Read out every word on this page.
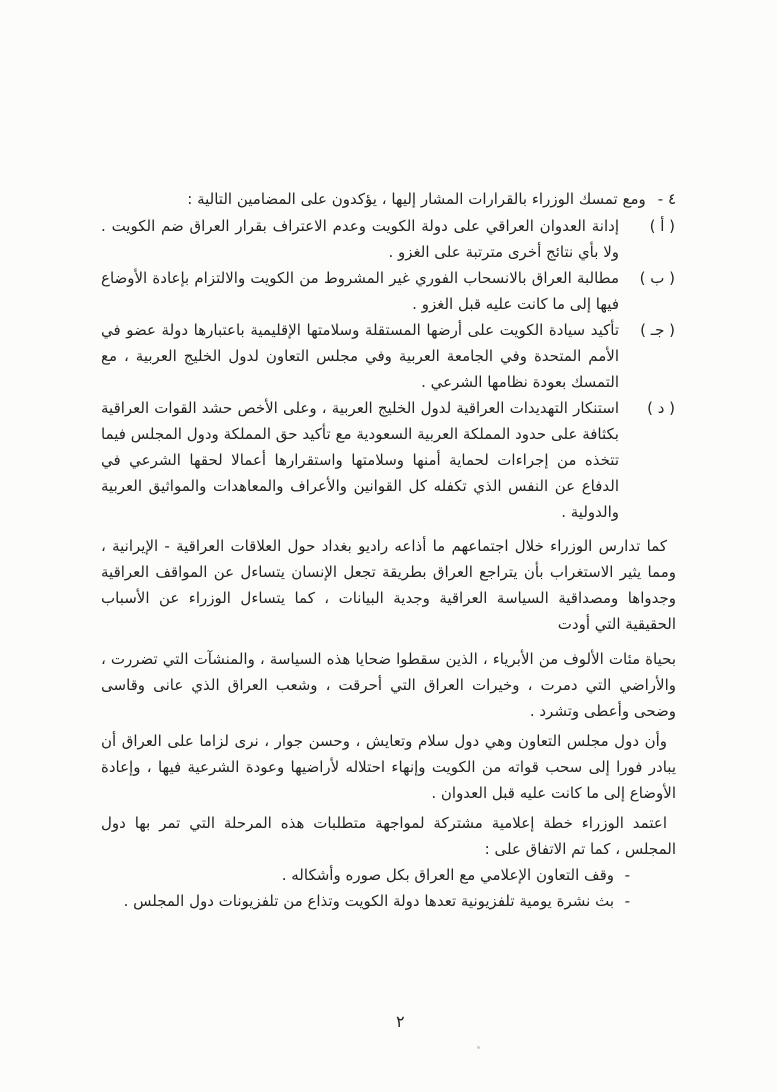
٤ -ومع تمسك الوزراء بالقرارات المشار إليها ، يؤكدون على المضامين التالية :
( أ )
إدانة العدوان العراقي على دولة الكويت وعدم الاعتراف بقرار العراق ضم الكويت . ولا بأي نتائج أخرى مترتبة على الغزو .
( ب )
مطالبة العراق بالانسحاب الفوري غير المشروط من الكويت والالتزام بإعادة الأوضاع فيها إلى ما كانت عليه قبل الغزو .
( جـ )
تأكيد سيادة الكويت على أرضها المستقلة وسلامتها الإقليمية باعتبارها دولة عضو في الأمم المتحدة وفي الجامعة العربية وفي مجلس التعاون لدول الخليج العربية ، مع التمسك بعودة نظامها الشرعي .
( د )
استنكار التهديدات العراقية لدول الخليج العربية ، وعلى الأخص حشد القوات العراقية بكثافة على حدود المملكة العربية السعودية مع تأكيد حق المملكة ودول المجلس فيما تتخذه من إجراءات لحماية أمنها وسلامتها واستقرارها أعمالا لحقها الشرعي في الدفاع عن النفس الذي تكفله كل القوانين والأعراف والمعاهدات والمواثيق العربية والدولية .

كما تدارس الوزراء خلال اجتماعهم ما أذاعه راديو بغداد حول العلاقات العراقية - الإيرانية ، ومما يثير الاستغراب بأن يتراجع العراق بطريقة تجعل الإنسان يتساءل عن المواقف العراقية وجدواها ومصداقية السياسة العراقية وجدية البيانات ، كما يتساءل الوزراء عن الأسباب الحقيقية التي أودت

بحياة مئات الألوف من الأبرياء ، الذين سقطوا ضحايا هذه السياسة ، والمنشآت التي تضررت ، والأراضي التي دمرت ، وخيرات العراق التي أحرقت ، وشعب العراق الذي عانى وقاسى وضحى وأعطى وتشرد .

وأن دول مجلس التعاون وهي دول سلام وتعايش ، وحسن جوار ، نرى لزاما على العراق أن يبادر فورا إلى سحب قواته من الكويت وإنهاء احتلاله لأراضيها وعودة الشرعية فيها ، وإعادة الأوضاع إلى ما كانت عليه قبل العدوان .

اعتمد الوزراء خطة إعلامية مشتركة لمواجهة متطلبات هذه المرحلة التي تمر بها دول المجلس ، كما تم الاتفاق على :

-
وقف التعاون الإعلامي مع العراق بكل صوره وأشكاله .
-
بث نشرة يومية تلفزيونية تعدها دولة الكويت وتذاع من تلفزيونات دول المجلس .
٢
